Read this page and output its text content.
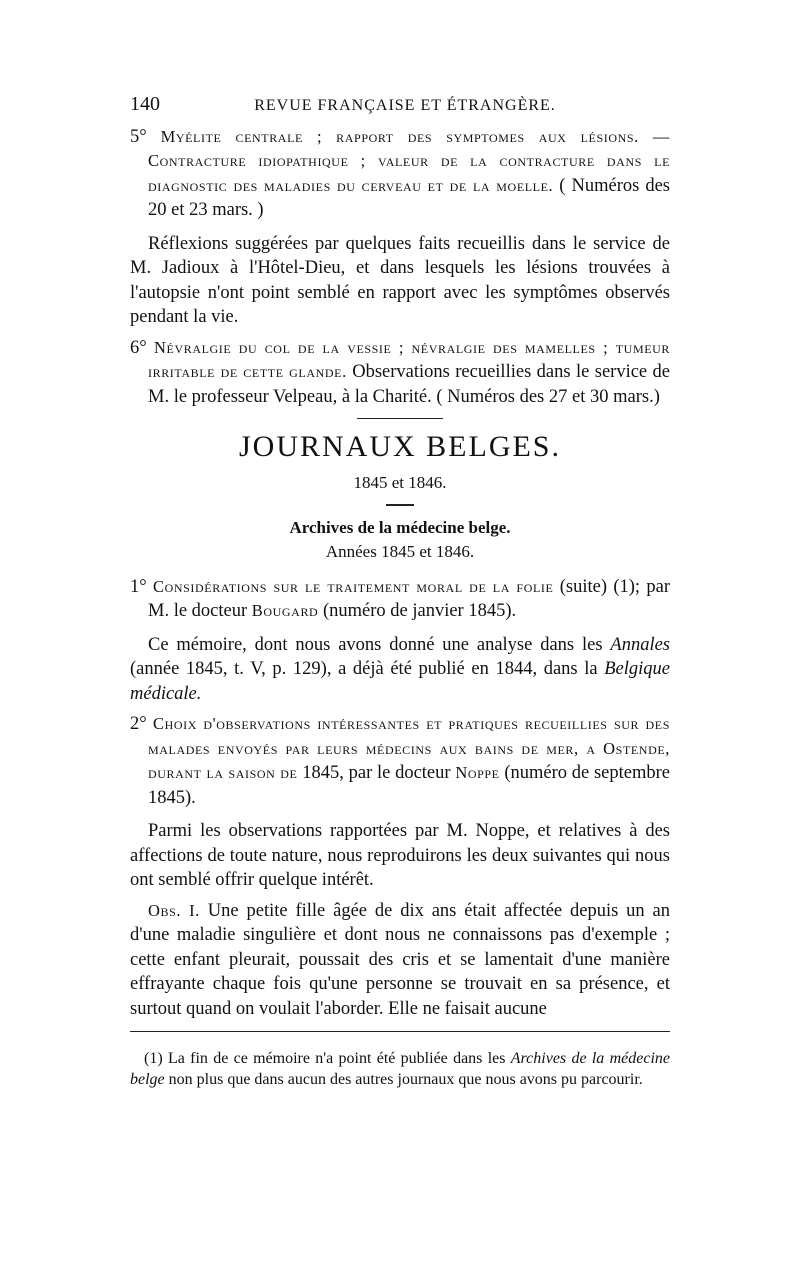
140	REVUE FRANÇAISE ET ÉTRANGÈRE.

5° Myélite centrale ; rapport des symptomes aux lésions. — Contracture idiopathique ; valeur de la contracture dans le diagnostic des maladies du cerveau et de la moelle. ( Numéros des 20 et 23 mars. )

Réflexions suggérées par quelques faits recueillis dans le service de M. Jadioux à l'Hôtel-Dieu, et dans lesquels les lésions trouvées à l'autopsie n'ont point semblé en rapport avec les symptômes observés pendant la vie.

6° Névralgie du col de la vessie ; névralgie des mamelles ; tumeur irritable de cette glande. Observations recueillies dans le service de M. le professeur Velpeau, à la Charité. ( Numéros des 27 et 30 mars.)

JOURNAUX BELGES.
1845 et 1846.
Archives de la médecine belge.
Années 1845 et 1846.

1° Considérations sur le traitement moral de la folie (suite) (1); par M. le docteur Bougard (numéro de janvier 1845).

Ce mémoire, dont nous avons donné une analyse dans les Annales (année 1845, t. V, p. 129), a déjà été publié en 1844, dans la Belgique médicale.

2° Choix d'observations intéressantes et pratiques recueillies sur des malades envoyés par leurs médecins aux bains de mer, a Ostende, durant la saison de 1845, par le docteur Noppe (numéro de septembre 1845).

Parmi les observations rapportées par M. Noppe, et relatives à des affections de toute nature, nous reproduirons les deux suivantes qui nous ont semblé offrir quelque intérêt.

Obs. I. Une petite fille âgée de dix ans était affectée depuis un an d'une maladie singulière et dont nous ne connaissons pas d'exemple ; cette enfant pleurait, poussait des cris et se lamentait d'une manière effrayante chaque fois qu'une personne se trouvait en sa présence, et surtout quand on voulait l'aborder. Elle ne faisait aucune

(1) La fin de ce mémoire n'a point été publiée dans les Archives de la médecine belge non plus que dans aucun des autres journaux que nous avons pu parcourir.
